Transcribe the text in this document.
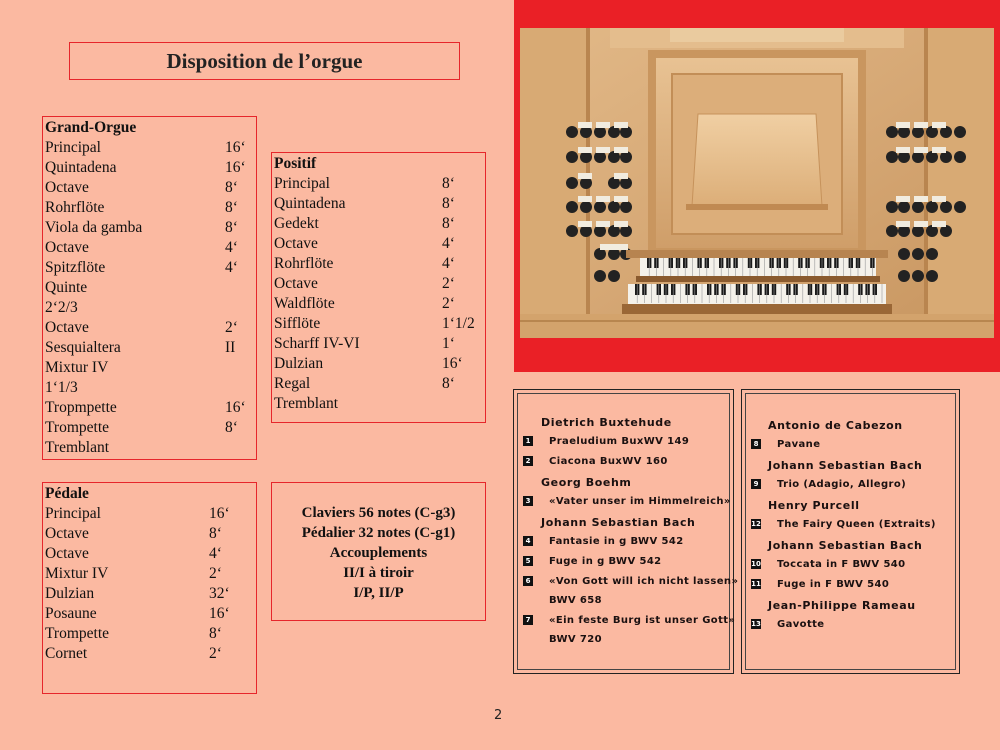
Disposition de l’orgue
Grand-Orgue
Principal	16‘
Quintadena	16‘
Octave	8‘
Rohrflöte	8‘
Viola da gamba	8‘
Octave	4‘
Spitzflöte	4‘
Quinte
2‘2/3
Octave	2‘
Sesquialtera	II
Mixtur IV
1‘1/3
Tropmpette	16‘
Trompette	8‘
Tremblant
Positif
Principal	8‘
Quintadena	8‘
Gedekt	8‘
Octave	4‘
Rohrflöte	4‘
Octave	2‘
Waldflöte	2‘
Sifflöte	1‘1/2
Scharff IV-VI	1‘
Dulzian	16‘
Regal	8‘
Tremblant
Pédale
Principal	16‘
Octave	8‘
Octave	4‘
Mixtur IV	2‘
Dulzian	32‘
Posaune	16‘
Trompette	8‘
Cornet	2‘
Claviers 56 notes (C-g3)
Pédalier 32 notes (C-g1)
Accouplements
II/I à tiroir
I/P, II/P
Dietrich Buxtehude
1 Praeludium BuxWV 149
2 Ciacona BuxWV 160
Georg Boehm
3 «Vater unser im Himmelreich»
Johann Sebastian Bach
4 Fantasie in g BWV 542
5 Fuge in g BWV 542
6 «Von Gott will ich nicht lassen»
BWV 658
7 «Ein feste Burg ist unser Gott»
BWV 720
Antonio de Cabezon
8 Pavane
Johann Sebastian Bach
9 Trio (Adagio, Allegro)
Henry Purcell
12 The Fairy Queen (Extraits)
Johann Sebastian Bach
10 Toccata in F BWV 540
11 Fuge in F BWV 540
Jean-Philippe Rameau
13 Gavotte
2
